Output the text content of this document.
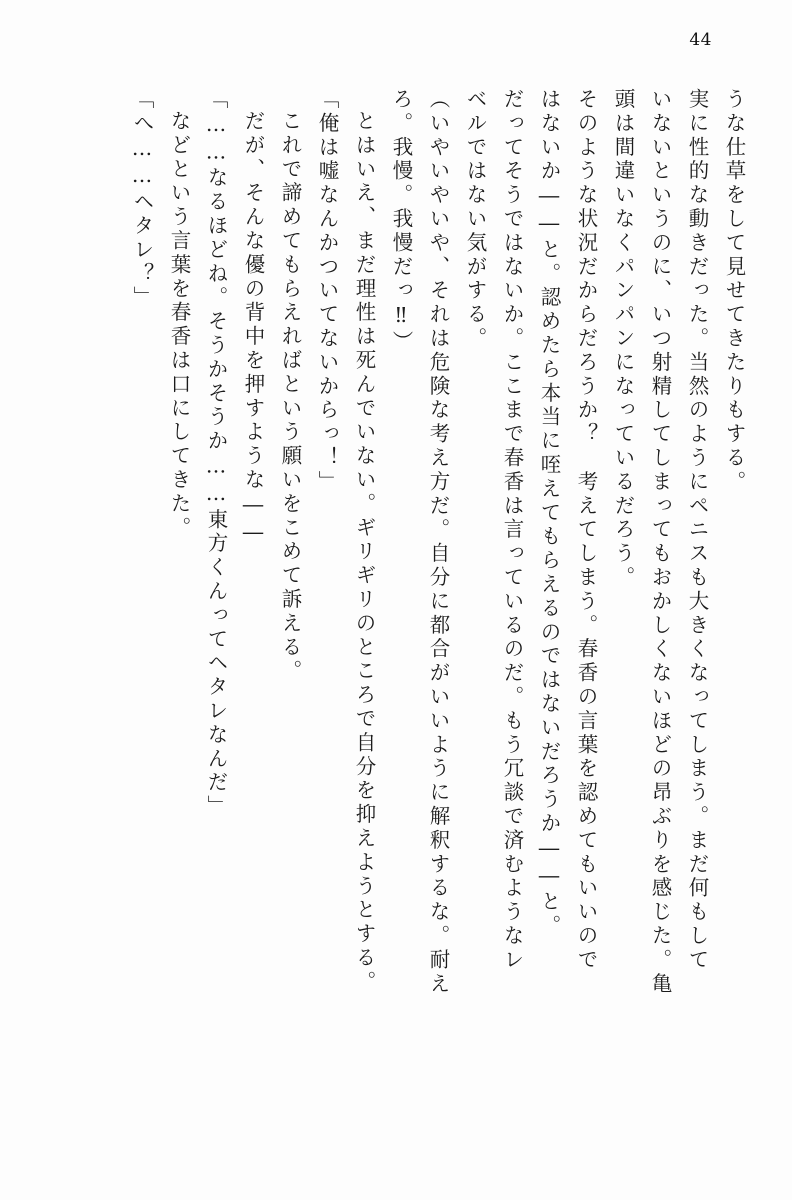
44
うな仕草をして見せてきたりもする。
実に性的な動きだった。当然のようにペニスも大きくなってしまう。まだ何もして
いないというのに、いつ射精してしまってもおかしくないほどの昂ぶりを感じた。亀
頭は間違いなくパンパンになっているだろう。
そのような状況だからだろうか？　考えてしまう。春香の言葉を認めてもいいので
はないか――と。認めたら本当に咥えてもらえるのではないだろうか――と。
だってそうではないか。ここまで春香は言っているのだ。もう冗談で済むようなレ
ベルではない気がする。
（いやいやいや、それは危険な考え方だ。自分に都合がいいように解釈するな。耐え
ろ。我慢。我慢だっ‼）
とはいえ、まだ理性は死んでいない。ギリギリのところで自分を抑えようとする。
「俺は嘘なんかついてないからっ！」
これで諦めてもらえればという願いをこめて訴える。
だが、そんな優の背中を押すような――
「……なるほどね。そうかそうか……東方くんってヘタレなんだ」
などという言葉を春香は口にしてきた。
「へ……ヘタレ？」
